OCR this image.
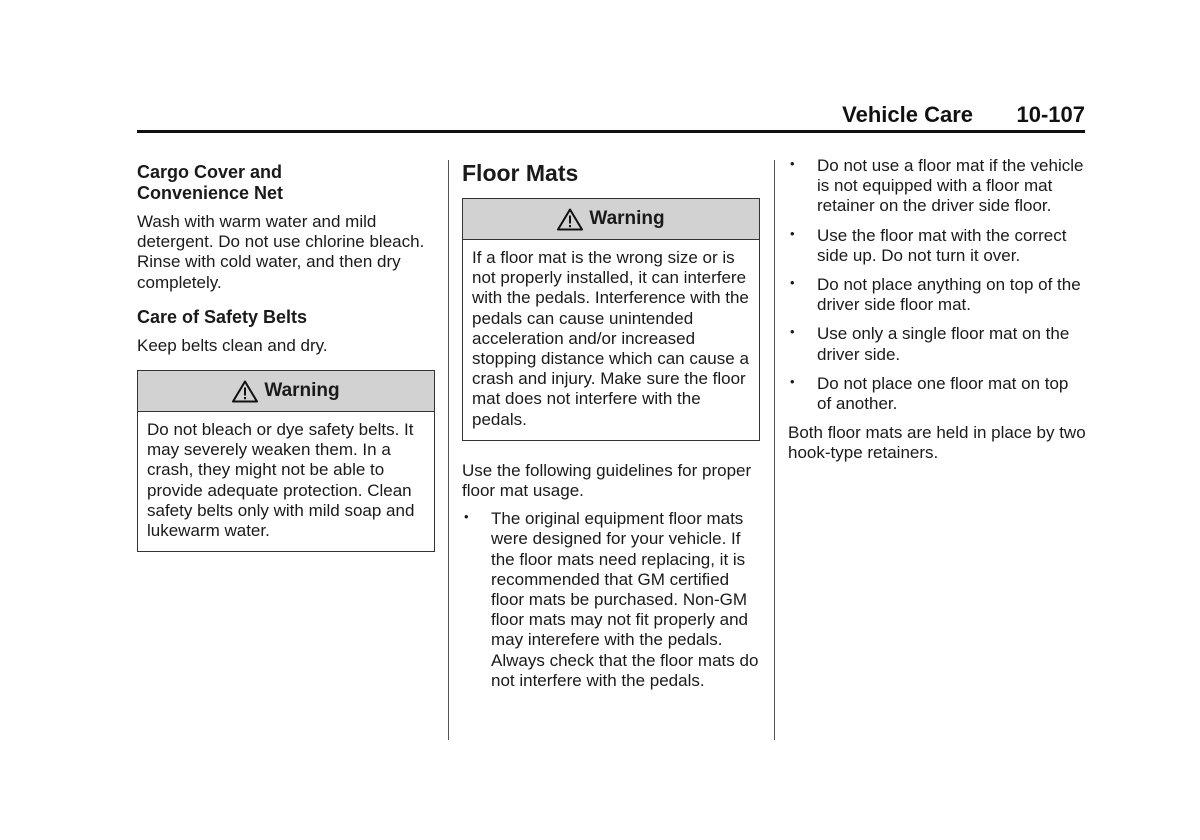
Vehicle Care 10-107
Cargo Cover and
Convenience Net

Wash with warm water and mild detergent. Do not use chlorine bleach. Rinse with cold water, and then dry completely.

Care of Safety Belts

Keep belts clean and dry.

Warning

Do not bleach or dye safety belts. It may severely weaken them. In a crash, they might not be able to provide adequate protection. Clean safety belts only with mild soap and lukewarm water.

Floor Mats
Warning

If a floor mat is the wrong size or is not properly installed, it can interfere with the pedals. Interference with the pedals can cause unintended acceleration and/or increased stopping distance which can cause a crash and injury. Make sure the floor mat does not interfere with the pedals.

Use the following guidelines for proper floor mat usage.

• The original equipment floor mats were designed for your vehicle. If the floor mats need replacing, it is recommended that GM certified floor mats be purchased. Non-GM floor mats may not fit properly and may interefere with the pedals. Always check that the floor mats do not interfere with the pedals.
• Do not use a floor mat if the vehicle is not equipped with a floor mat retainer on the driver side floor.
• Use the floor mat with the correct side up. Do not turn it over.
• Do not place anything on top of the driver side floor mat.
• Use only a single floor mat on the driver side.
• Do not place one floor mat on top of another.

Both floor mats are held in place by two hook-type retainers.
